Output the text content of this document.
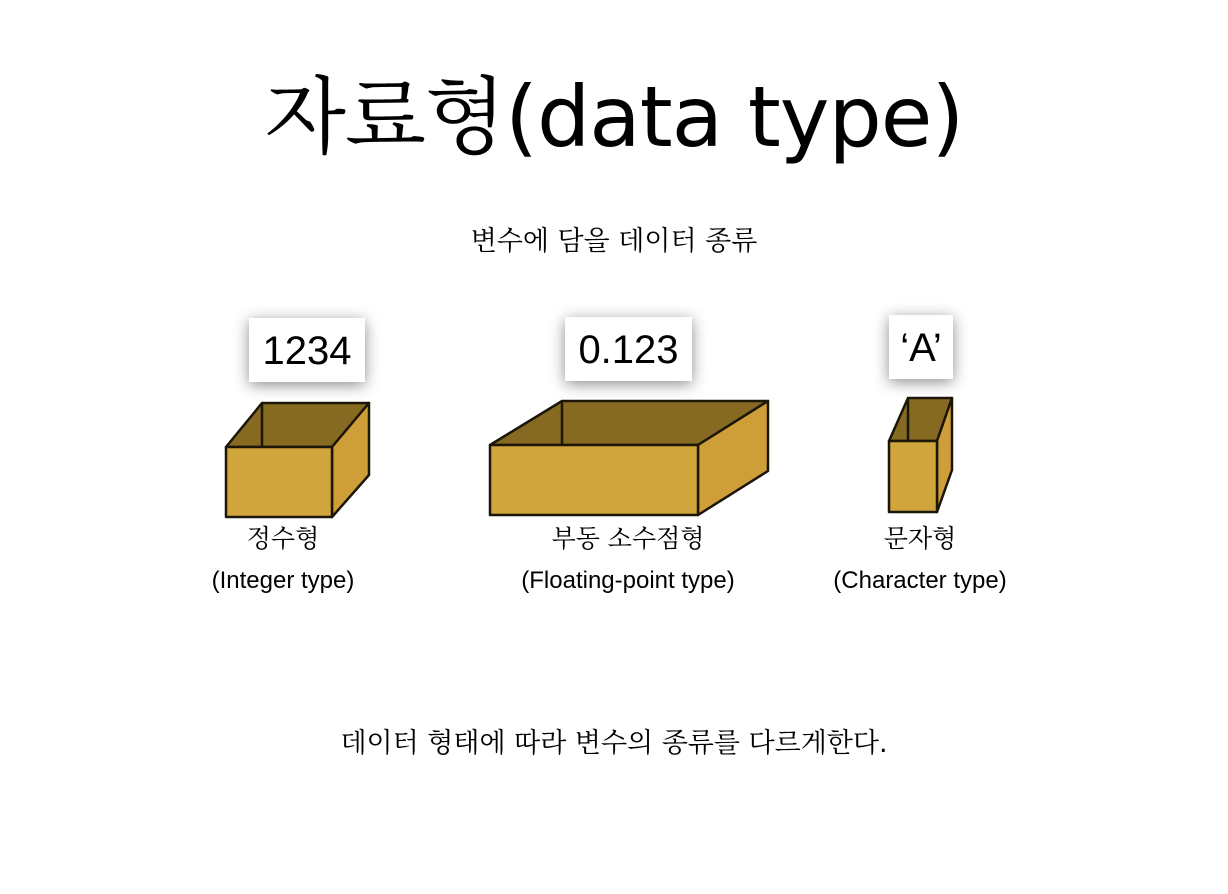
자료형(data type)
변수에 담을 데이터 종류
1234
정수형
(Integer type)
0.123
부동 소수점형
(Floating-point type)
‘A’
문자형
(Character type)
데이터 형태에 따라 변수의 종류를 다르게한다.
